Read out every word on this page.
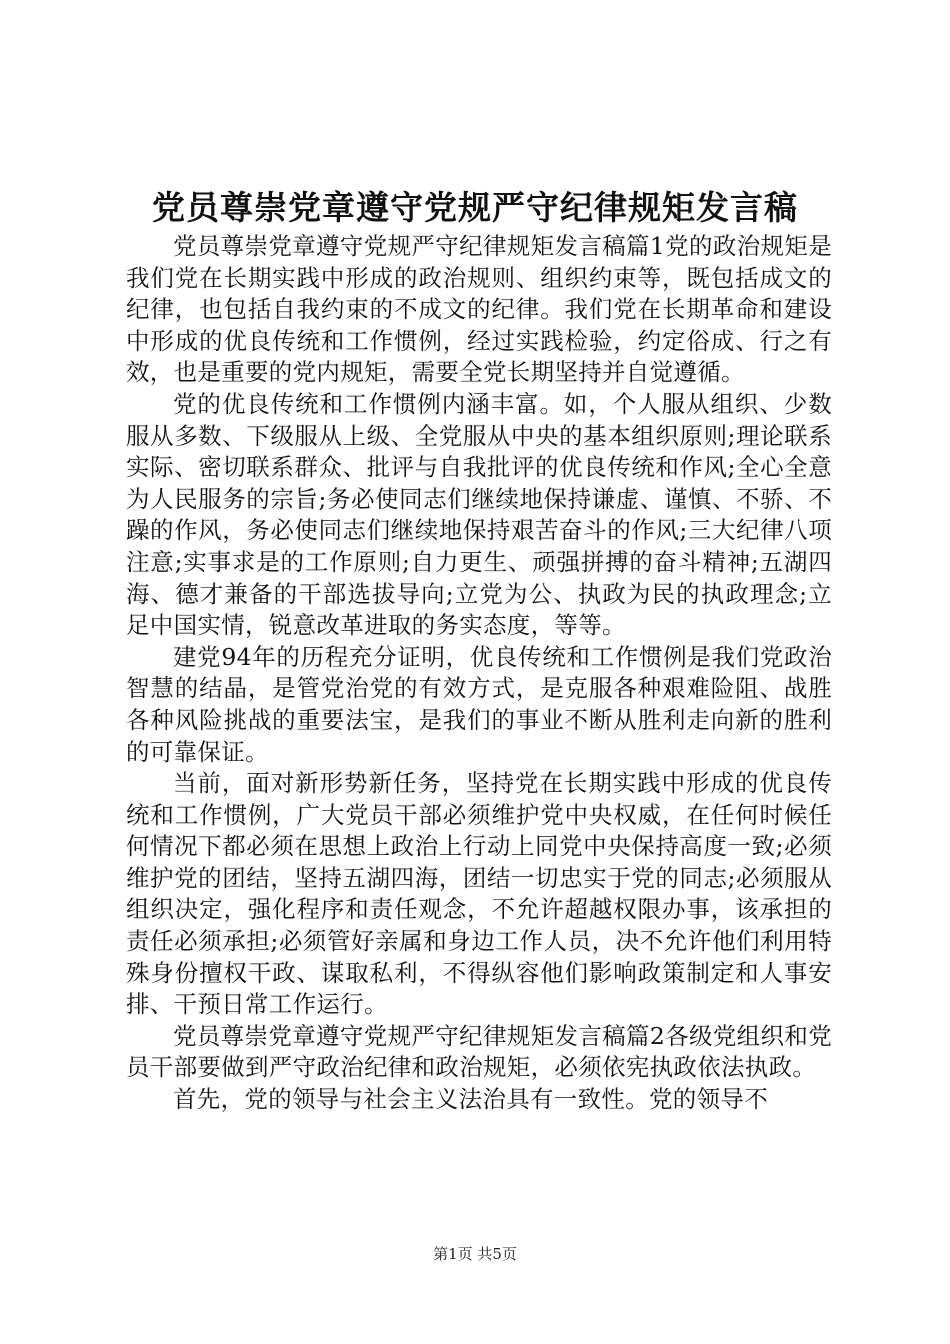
党员尊崇党章遵守党规严守纪律规矩发言稿

党员尊崇党章遵守党规严守纪律规矩发言稿篇1党的政治规矩是我们党在长期实践中形成的政治规则、组织约束等，既包括成文的纪律，也包括自我约束的不成文的纪律。我们党在长期革命和建设中形成的优良传统和工作惯例，经过实践检验，约定俗成、行之有效，也是重要的党内规矩，需要全党长期坚持并自觉遵循。

党的优良传统和工作惯例内涵丰富。如，个人服从组织、少数服从多数、下级服从上级、全党服从中央的基本组织原则;理论联系实际、密切联系群众、批评与自我批评的优良传统和作风;全心全意为人民服务的宗旨;务必使同志们继续地保持谦虚、谨慎、不骄、不躁的作风，务必使同志们继续地保持艰苦奋斗的作风;三大纪律八项注意;实事求是的工作原则;自力更生、顽强拼搏的奋斗精神;五湖四海、德才兼备的干部选拔导向;立党为公、执政为民的执政理念;立足中国实情，锐意改革进取的务实态度，等等。

建党94年的历程充分证明，优良传统和工作惯例是我们党政治智慧的结晶，是管党治党的有效方式，是克服各种艰难险阻、战胜各种风险挑战的重要法宝，是我们的事业不断从胜利走向新的胜利的可靠保证。

当前，面对新形势新任务，坚持党在长期实践中形成的优良传统和工作惯例，广大党员干部必须维护党中央权威，在任何时候任何情况下都必须在思想上政治上行动上同党中央保持高度一致;必须维护党的团结，坚持五湖四海，团结一切忠实于党的同志;必须服从组织决定，强化程序和责任观念，不允许超越权限办事，该承担的责任必须承担;必须管好亲属和身边工作人员，决不允许他们利用特殊身份擅权干政、谋取私利，不得纵容他们影响政策制定和人事安排、干预日常工作运行。

党员尊崇党章遵守党规严守纪律规矩发言稿篇2各级党组织和党员干部要做到严守政治纪律和政治规矩，必须依宪执政依法执政。

首先，党的领导与社会主义法治具有一致性。党的领导不

第1页 共5页
